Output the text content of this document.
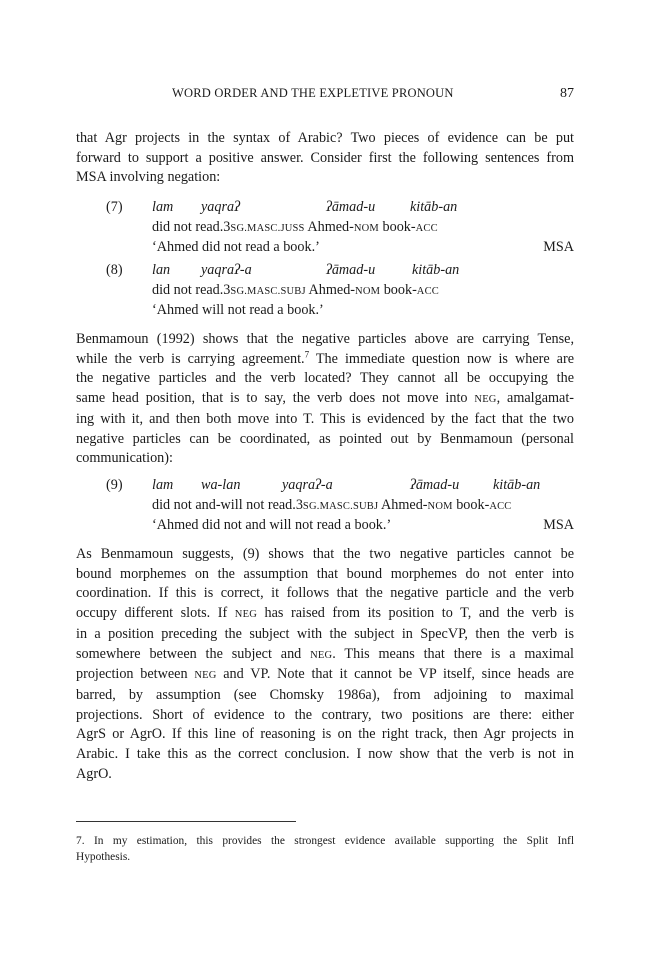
WORD ORDER AND THE EXPLETIVE PRONOUN	87
that Agr projects in the syntax of Arabic? Two pieces of evidence can be put
forward to support a positive answer. Consider first the following sentences from
MSA involving negation:
(7) lam yaqraʔ	ʔāmad-u kitāb-an
did not read.3SG.MASC.JUSS Ahmed-NOM book-ACC
‘Ahmed did not read a book.’	MSA
(8) lan yaqraʔ-a	ʔāmad-u	kitāb-an
did not read.3SG.MASC.SUBJ Ahmed-NOM book-ACC
‘Ahmed will not read a book.’
Benmamoun (1992) shows that the negative particles above are carrying Tense,
while the verb is carrying agreement.$^7$ The immediate question now is where are
the negative particles and the verb located? They cannot all be occupying the
same head position, that is to say, the verb does not move into NEG, amalgamat-
ing with it, and then both move into T. This is evidenced by the fact that the two
negative particles can be coordinated, as pointed out by Benmamoun (personal
communication):
(9) lam wa-lan	yaqraʔ-a	ʔāmad-u kitāb-an
did not and-will not read.3SG.MASC.SUBJ Ahmed-NOM book-ACC
‘Ahmed did not and will not read a book.’	MSA
As Benmamoun suggests, (9) shows that the two negative particles cannot be
bound morphemes on the assumption that bound morphemes do not enter into
coordination. If this is correct, it follows that the negative particle and the verb
occupy different slots. If NEG has raised from its position to T, and the verb is
in a position preceding the subject with the subject in SpecVP, then the verb is
somewhere between the subject and NEG. This means that there is a maximal
projection between NEG and VP. Note that it cannot be VP itself, since heads are
barred, by assumption (see Chomsky 1986a), from adjoining to maximal
projections. Short of evidence to the contrary, two positions are there: either
AgrS or AgrO. If this line of reasoning is on the right track, then Agr projects in
Arabic. I take this as the correct conclusion. I now show that the verb is not in
AgrO.
7. In my estimation, this provides the strongest evidence available supporting the Split Infl
Hypothesis.
